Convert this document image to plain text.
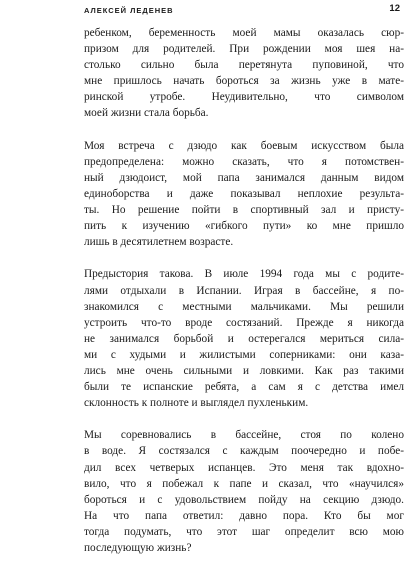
АЛЕКСЕЙ ЛЕДЕНЕВ	12

ребенком, беременность моей мамы оказалась сюр-
призом для родителей. При рождении моя шея на-
столько сильно была перетянута пуповиной, что
мне пришлось начать бороться за жизнь уже в мате-
ринской утробе. Неудивительно, что символом
моей жизни стала борьба.

Моя встреча с дзюдо как боевым искусством была
предопределена: можно сказать, что я потомствен-
ный дзюдоист, мой папа занимался данным видом
единоборства и даже показывал неплохие результа-
ты. Но решение пойти в спортивный зал и присту-
пить к изучению «гибкого пути» ко мне пришло
лишь в десятилетнем возрасте.

Предыстория такова. В июле 1994 года мы с родите-
лями отдыхали в Испании. Играя в бассейне, я по-
знакомился с местными мальчиками. Мы решили
устроить что-то вроде состязаний. Прежде я никогда
не занимался борьбой и остерегался мериться сила-
ми с худыми и жилистыми соперниками: они каза-
лись мне очень сильными и ловкими. Как раз такими
были те испанские ребята, а сам я с детства имел
склонность к полноте и выглядел пухленьким.

Мы соревновались в бассейне, стоя по колено
в воде. Я состязался с каждым поочередно и побе-
дил всех четверых испанцев. Это меня так вдохно-
вило, что я побежал к папе и сказал, что «научился»
бороться и с удовольствием пойду на секцию дзюдо.
На что папа ответил: давно пора. Кто бы мог
тогда подумать, что этот шаг определит всю мою
последующую жизнь?
